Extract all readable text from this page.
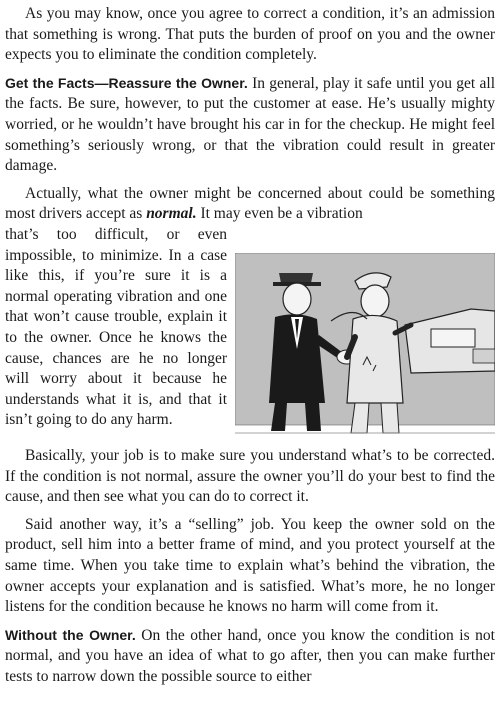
As you may know, once you agree to correct a condition, it’s an admission that something is wrong. That puts the burden of proof on you and the owner expects you to eliminate the condition completely.

Get the Facts—Reassure the Owner. In general, play it safe until you get all the facts. Be sure, however, to put the customer at ease. He’s usually mighty worried, or he wouldn’t have brought his car in for the checkup. He might feel something’s seriously wrong, or that the vibration could result in greater damage.

Actually, what the owner might be concerned about could be something most drivers accept as normal. It may even be a vibration

that’s too difficult, or even impossible, to minimize. In a case like this, if you’re sure it is a normal operating vibration and one that won’t cause trouble, explain it to the owner. Once he knows the cause, chances are he no longer will worry about it because he understands what it is, and that it isn’t going to do any harm.

Basically, your job is to make sure you understand what’s to be corrected. If the condition is not normal, assure the owner you’ll do your best to find the cause, and then see what you can do to correct it.

Said another way, it’s a “selling” job. You keep the owner sold on the product, sell him into a better frame of mind, and you protect yourself at the same time. When you take time to explain what’s behind the vibration, the owner accepts your explanation and is satisfied. What’s more, he no longer listens for the condition because he knows no harm will come from it.

Without the Owner. On the other hand, once you know the condition is not normal, and you have an idea of what to go after, then you can make further tests to narrow down the possible source to either
